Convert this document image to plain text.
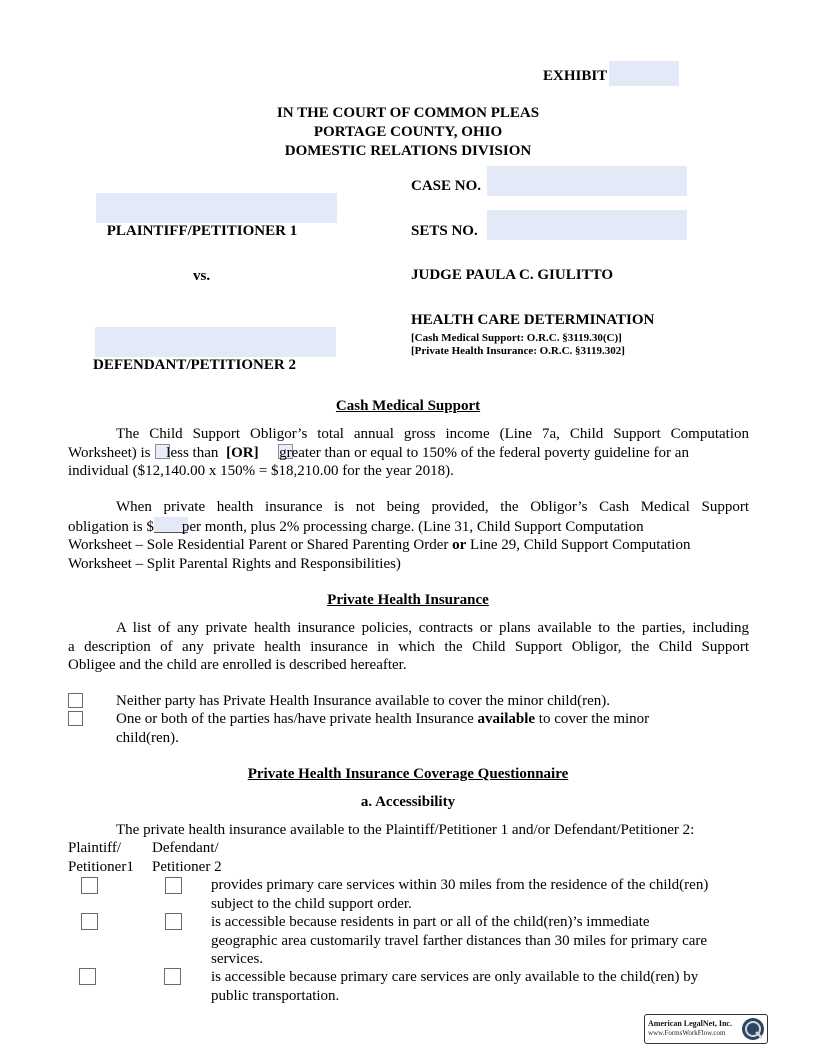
EXHIBIT
IN THE COURT OF COMMON PLEAS
PORTAGE COUNTY, OHIO
DOMESTIC RELATIONS DIVISION
CASE NO.
SETS NO.
JUDGE PAULA C. GIULITTO
HEALTH CARE DETERMINATION
[Cash Medical Support: O.R.C. §3119.30(C)]
[Private Health Insurance: O.R.C. §3119.302]
PLAINTIFF/PETITIONER 1
vs.
DEFENDANT/PETITIONER 2
Cash Medical Support
The Child Support Obligor’s total annual gross income (Line 7a, Child Support Computation
Worksheet) is less than [OR] greater than or equal to 150% of the federal poverty guideline for an
individual ($12,140.00 x 150% = $18,210.00 for the year 2018).
When private health insurance is not being provided, the Obligor’s Cash Medical Support
obligation is $ per month, plus 2% processing charge. (Line 31, Child Support Computation
Worksheet – Sole Residential Parent or Shared Parenting Order or Line 29, Child Support Computation
Worksheet – Split Parental Rights and Responsibilities)
Private Health Insurance
A list of any private health insurance policies, contracts or plans available to the parties, including
a description of any private health insurance in which the Child Support Obligor, the Child Support
Obligee and the child are enrolled is described hereafter.
Neither party has Private Health Insurance available to cover the minor child(ren).
One or both of the parties has/have private health Insurance available to cover the minor
child(ren).
Private Health Insurance Coverage Questionnaire
a. Accessibility
The private health insurance available to the Plaintiff/Petitioner 1 and/or Defendant/Petitioner 2:
Plaintiff/
Petitioner1
Defendant/
Petitioner 2
provides primary care services within 30 miles from the residence of the child(ren)
subject to the child support order.
is accessible because residents in part or all of the child(ren)’s immediate
geographic area customarily travel farther distances than 30 miles for primary care
services.
is accessible because primary care services are only available to the child(ren) by
public transportation.
American LegalNet, Inc.
www.FormsWorkFlow.com
